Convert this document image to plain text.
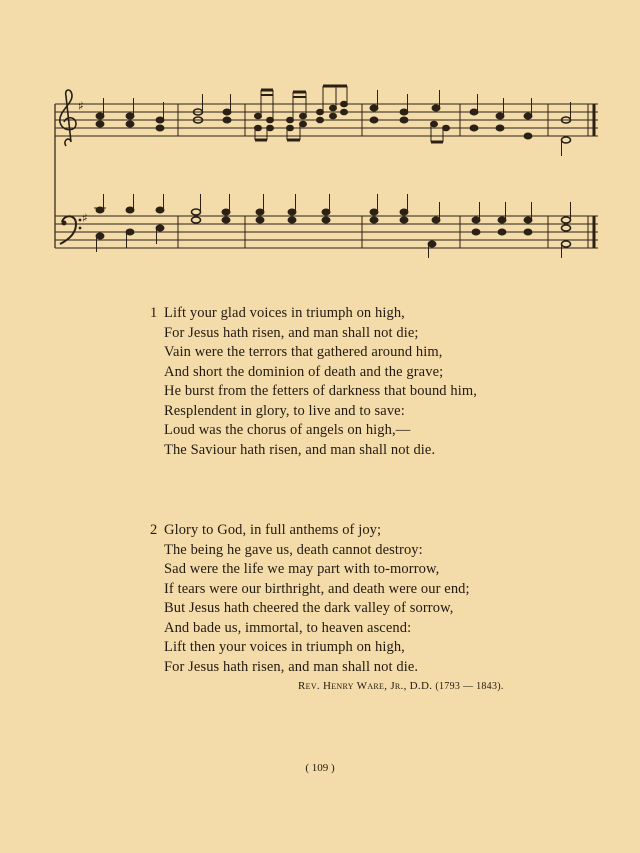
♯
♯
1 Lift your glad voices in triumph on high,
For Jesus hath risen, and man shall not die;
Vain were the terrors that gathered around him,
And short the dominion of death and the grave;
He burst from the fetters of darkness that bound him,
Resplendent in glory, to live and to save:
Loud was the chorus of angels on high,—
The Saviour hath risen, and man shall not die.
2 Glory to God, in full anthems of joy;
The being he gave us, death cannot destroy:
Sad were the life we may part with to-morrow,
If tears were our birthright, and death were our end;
But Jesus hath cheered the dark valley of sorrow,
And bade us, immortal, to heaven ascend:
Lift then your voices in triumph on high,
For Jesus hath risen, and man shall not die.
Rev. Henry Ware, Jr., D.D. (1793 — 1843).
( 109 )
